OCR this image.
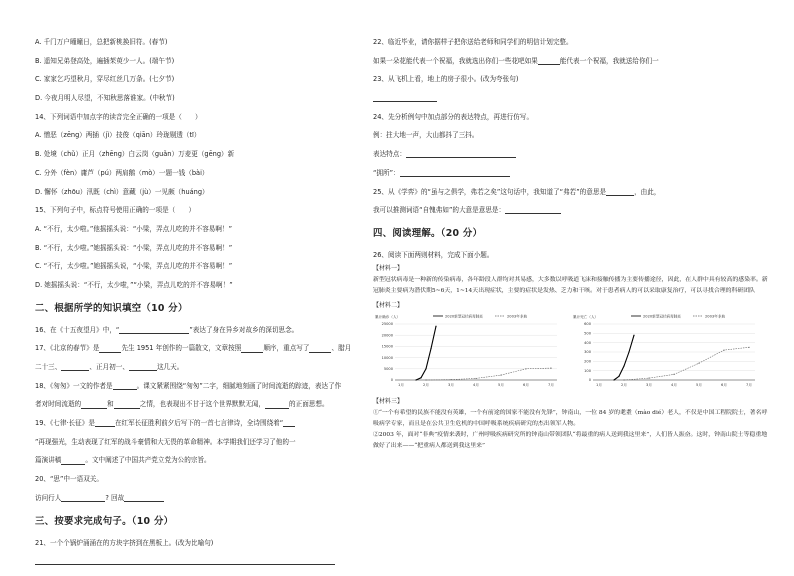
A. 千门万户曈曈日，总把新桃换旧符。(春节)
B. 遥知兄弟登高处，遍插茱萸少一人。(端午节)
C. 家家乞巧望秋月，穿尽红丝几万条。(七夕节)
D. 今夜月明人尽望，不知秋思落谁家。(中秋节)
14、下列词语中加点字的读音完全正确的一项是（　　）
A. 憎恶（zēng）两插（jì）技俊（qiān）玲珑剔透（tī）
B. 处境（chǔ）正月（zhēng）白云岗（guǎn）万麦更（gēng）新
C. 分外（fèn）庸芦（pú）两肩鹅（mò）一题一钱（bài）
D. 懈怀（zhōu）汛既（chì）意藏（jù）一见颇（huáng）
15、下列句子中，标点符号使用正确的一项是（　　）
A. “不行，太少啦。”他摇摇头说：“小梁，弄点儿吃的并不容易啊！”
B. “不行，太少啦。”她摇摇头说：“小梁，弄点儿吃的并不容易啊！”
C. “不行，太少啦。”她摇摇头说，“小梁，弄点儿吃的并不容易啊！”
D. 她摇摇头说：“不行，太少啦，”“小梁，弄点儿吃的并不容易啊！”
二、根据所学的知识填空（10 分）
16、在《十五夜望月》中，“	”表达了身在异乡对故乡的深切思念。
17、《北京的春节》是	先生 1951 年创作的一篇散文，文章按照	顺序，重点写了	、腊月
二十三、	、正月初一、	这几天。
18、《匆匆》一文的作者是	。课文紧紧围绕“匆匆”二字，细腻地刻画了时间流逝的踪迹，表达了作
者对时间流逝的	和	之情，也表现出不甘于这个世界默默无闻，	的正面思想。
19、《七律·长征》是	在红军长征胜利前夕后写下的一首七言律诗，全诗围绕着“
”再现强光，生动表现了红军的战斗豪情和大无畏的革命精神。本学期我们还学习了他的一
篇演讲稿	。文中阐述了中国共产党立党为公的宗旨。
20、“思”中一语双关。
访问行人	? 回故
三、按要求完成句子。（10 分）
21、一个个锅炉涌涌在的方块字挤到在黑板上。(改为比喻句)
22、临近毕业，请你据样子把你送给老师和同学们的明信计划完整。
如果一朵花能代表一个祝福，我就选出你们一些花吧如果	能代表一个祝福，我就送给你们一
23、从飞机上看，地上的房子很小。(改为夸张句)
24、先分析例句中加点部分的表达特点，再进行仿写。
例：拄大地一声，大山都抖了三抖。
表达特点：
“拥所”：
25、从《学弈》的“虽与之俱学，弗若之矣”这句话中，我知道了“弗若”的意思是	，由此，
我可以推测词语“自愧弗如”的大意是意思是：
四、阅读理解。（20 分）
26、阅读下面两则材料，完成下面小题。
【材料一】

新型冠状病毒是一种新的传染病毒，各年龄段人群均对其易感，大多数以呼吸道飞沫和接触传播为主要传播途径，因此，在人群中具有较高的感染率。新冠肺炎主要病为潜伏期5~6天，1~14天出现症状，主要的症状是发热、乏力和干咳。对于患者病人的可以采取康复治疗，可以寻找合理的科研团队

【材料二】
累计确诊（人）	2020新型冠状病毒肺炎	2003年非典
25000
20000
15000
10000
5000
0
1月	2月	3月	4月	5月	6月	7月
累计死亡（人）	2020新型冠状病毒肺炎	2003年非典
600
500
400
300
200
100
0
1月	2月	3月	4月	5月	6月	7月
【材料三】

①“一个有希望的民族不能没有英雄，一个有前途的国家不能没有先锋”，钟南山，一位 84 岁的耄耋（mào dié）老人，不仅是中国工程院院士，著名呼吸病学专家，而且是在公共卫生危机的中国呼吸系统疾病研究的杰出领军人物。

②2003 年，面对“非典”疫情来袭时，广州呼吸疾病研究所的钟南山带领团队“将最重的病人送到我这里来”，人们皆人振奋。这时，钟南山院士等稳重地做好了出来——“把重病人都送到我这里来”
